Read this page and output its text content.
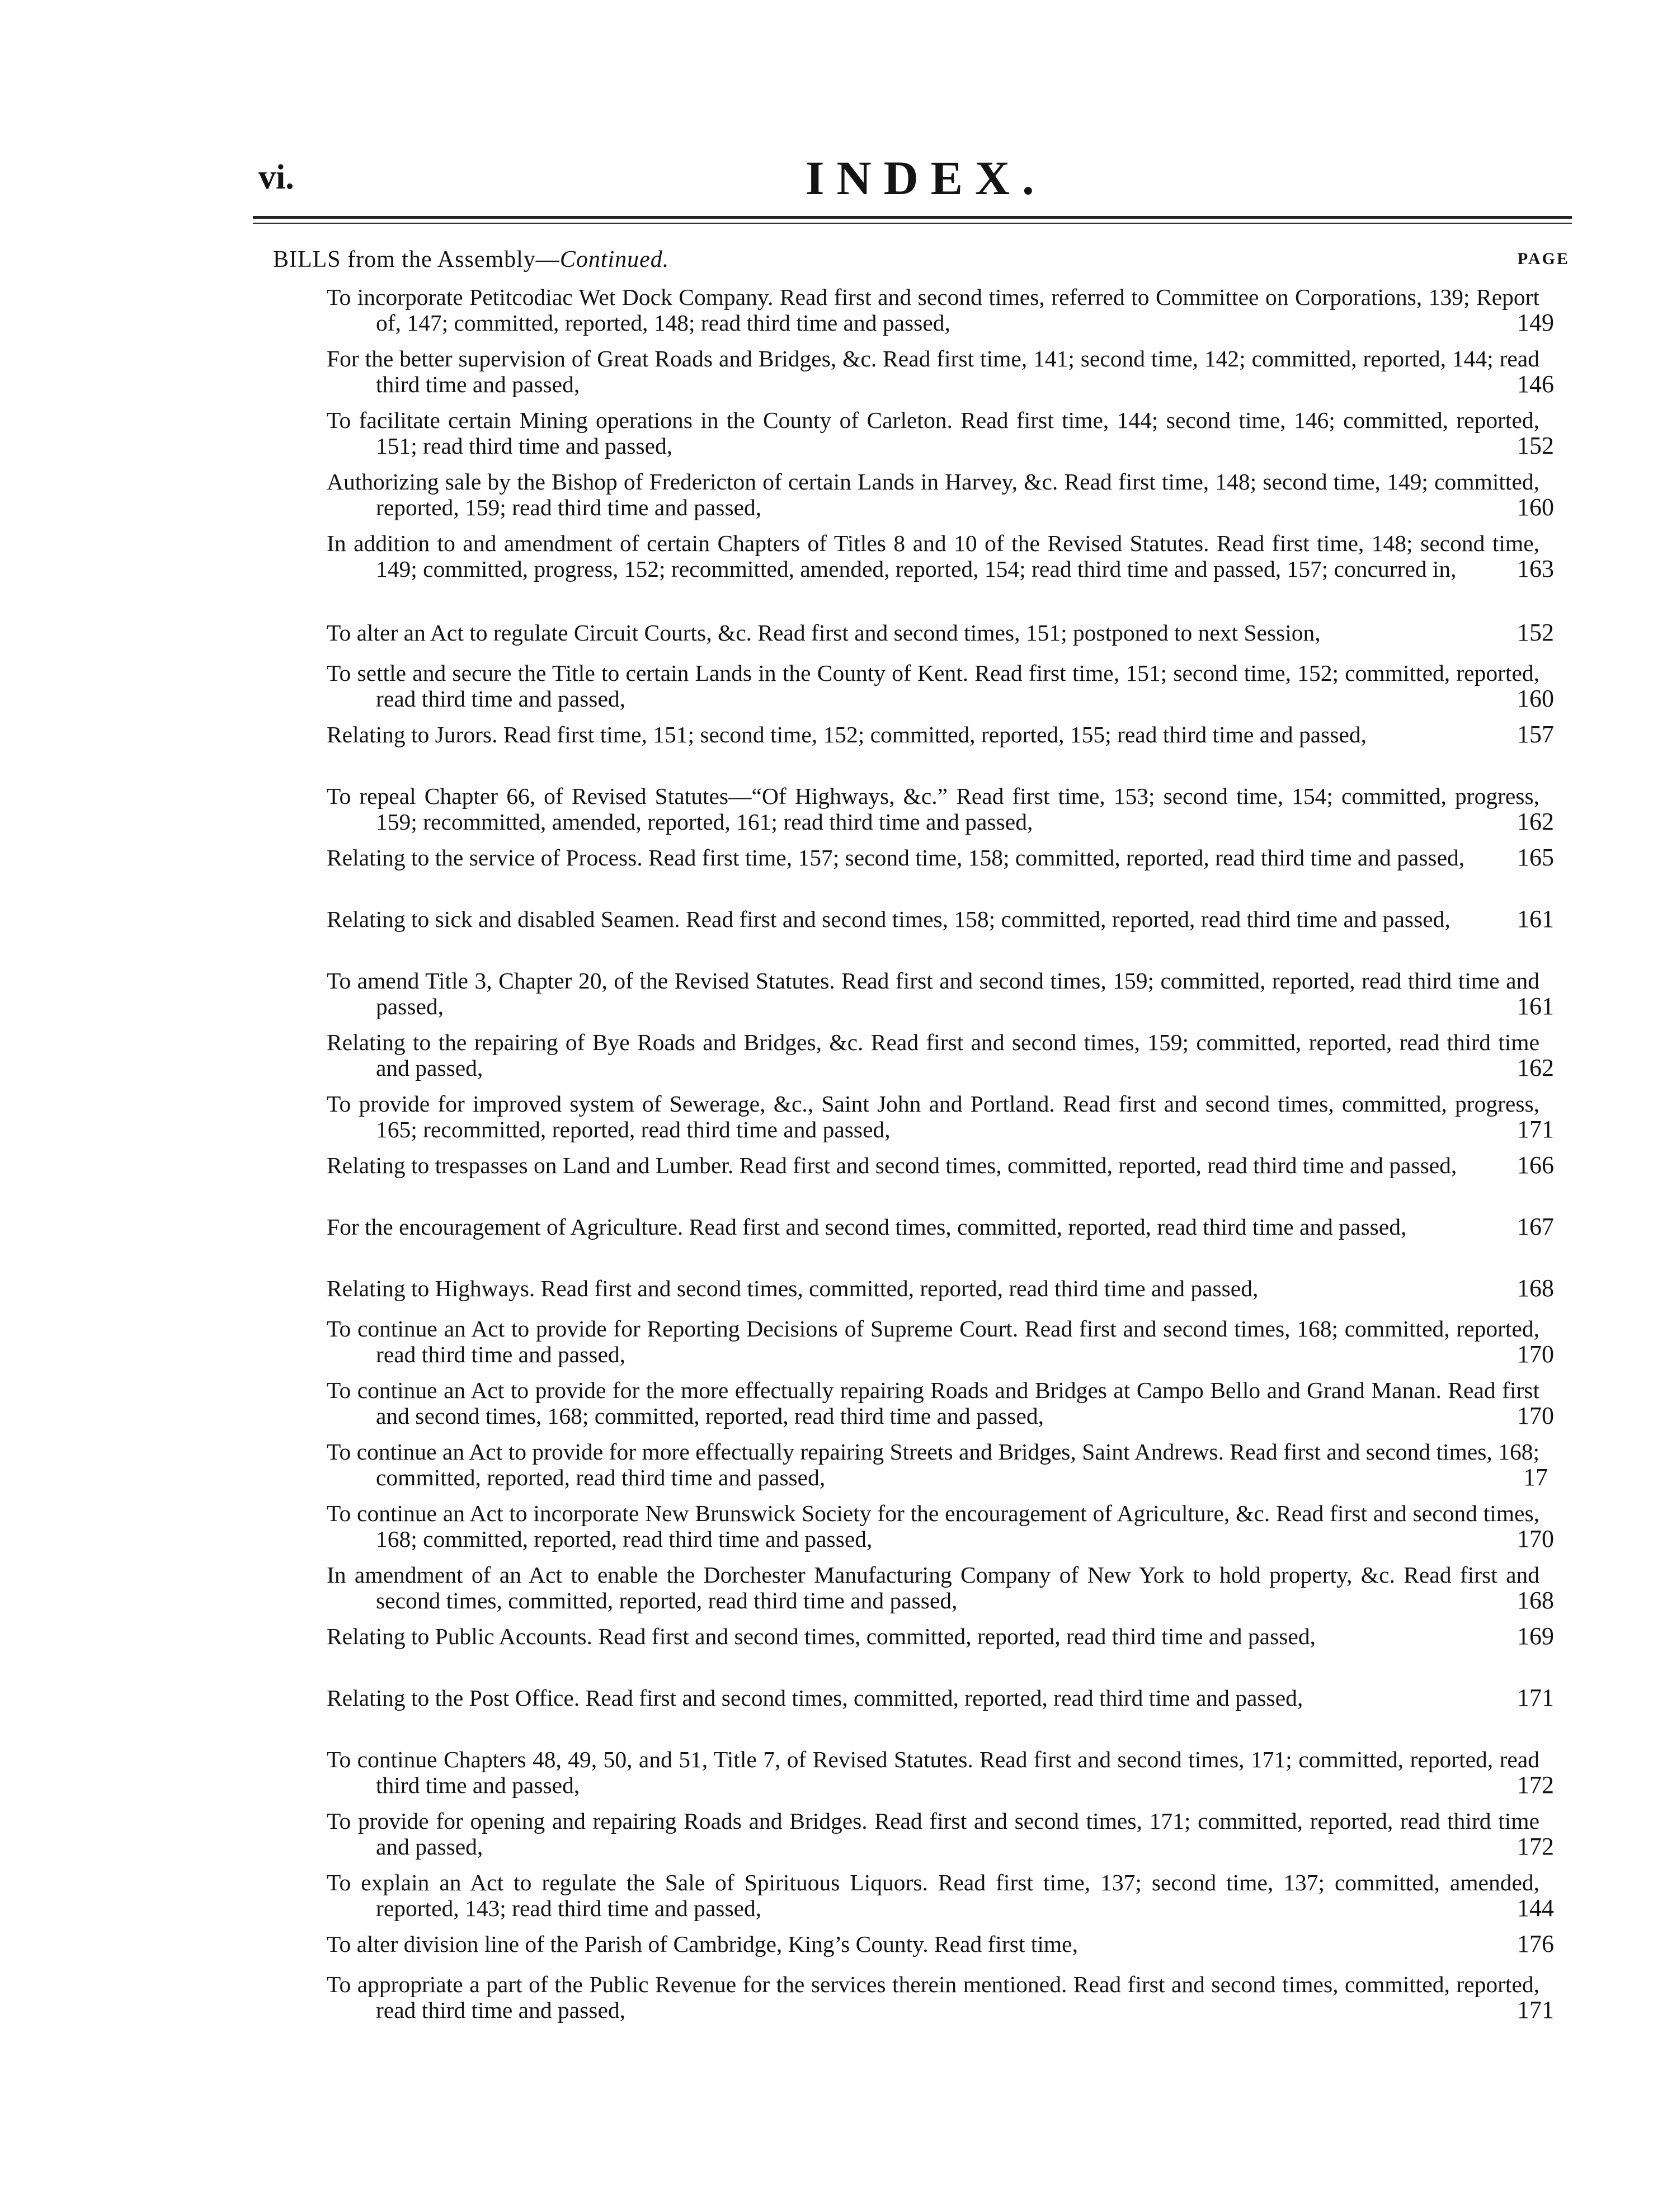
vi.	INDEX.
BILLS from the Assembly—Continued.	PAGE
To incorporate Petitcodiac Wet Dock Company. Read first and second times, referred to Committee on Corporations, 139; Report of, 147; committed, reported, 148; read third time and passed,	149
For the better supervision of Great Roads and Bridges, &c. Read first time, 141; second time, 142; committed, reported, 144; read third time and passed,	146
To facilitate certain Mining operations in the County of Carleton. Read first time, 144; second time, 146; committed, reported, 151; read third time and passed,	152
Authorizing sale by the Bishop of Fredericton of certain Lands in Harvey, &c. Read first time, 148; second time, 149; committed, reported, 159; read third time and passed,	160
In addition to and amendment of certain Chapters of Titles 8 and 10 of the Revised Statutes. Read first time, 148; second time, 149; committed, progress, 152; recommitted, amended, reported, 154; read third time and passed, 157; concurred in,	163
To alter an Act to regulate Circuit Courts, &c. Read first and second times, 151; postponed to next Session,	152
To settle and secure the Title to certain Lands in the County of Kent. Read first time, 151; second time, 152; committed, reported, read third time and passed,	160
Relating to Jurors. Read first time, 151; second time, 152; committed, reported, 155; read third time and passed,	157
To repeal Chapter 66, of Revised Statutes—“Of Highways, &c.” Read first time, 153; second time, 154; committed, progress, 159; recommitted, amended, reported, 161; read third time and passed,	162
Relating to the service of Process. Read first time, 157; second time, 158; committed, reported, read third time and passed,	165
Relating to sick and disabled Seamen. Read first and second times, 158; committed, reported, read third time and passed,	161
To amend Title 3, Chapter 20, of the Revised Statutes. Read first and second times, 159; committed, reported, read third time and passed,	161
Relating to the repairing of Bye Roads and Bridges, &c. Read first and second times, 159; committed, reported, read third time and passed,	162
To provide for improved system of Sewerage, &c., Saint John and Portland. Read first and second times, committed, progress, 165; recommitted, reported, read third time and passed,	171
Relating to trespasses on Land and Lumber. Read first and second times, committed, reported, read third time and passed,	166
For the encouragement of Agriculture. Read first and second times, committed, reported, read third time and passed,	167
Relating to Highways. Read first and second times, committed, reported, read third time and passed,	168
To continue an Act to provide for Reporting Decisions of Supreme Court. Read first and second times, 168; committed, reported, read third time and passed,	170
To continue an Act to provide for the more effectually repairing Roads and Bridges at Campo Bello and Grand Manan. Read first and second times, 168; committed, reported, read third time and passed,	170
To continue an Act to provide for more effectually repairing Streets and Bridges, Saint Andrews. Read first and second times, 168; committed, reported, read third time and passed,	17
To continue an Act to incorporate New Brunswick Society for the encouragement of Agriculture, &c. Read first and second times, 168; committed, reported, read third time and passed,	170
In amendment of an Act to enable the Dorchester Manufacturing Company of New York to hold property, &c. Read first and second times, committed, reported, read third time and passed,	168
Relating to Public Accounts. Read first and second times, committed, reported, read third time and passed,	169
Relating to the Post Office. Read first and second times, committed, reported, read third time and passed,	171
To continue Chapters 48, 49, 50, and 51, Title 7, of Revised Statutes. Read first and second times, 171; committed, reported, read third time and passed,	172
To provide for opening and repairing Roads and Bridges. Read first and second times, 171; committed, reported, read third time and passed,	172
To explain an Act to regulate the Sale of Spirituous Liquors. Read first time, 137; second time, 137; committed, amended, reported, 143; read third time and passed,	144
To alter division line of the Parish of Cambridge, King’s County. Read first time,	176
To appropriate a part of the Public Revenue for the services therein mentioned. Read first and second times, committed, reported, read third time and passed,	171
